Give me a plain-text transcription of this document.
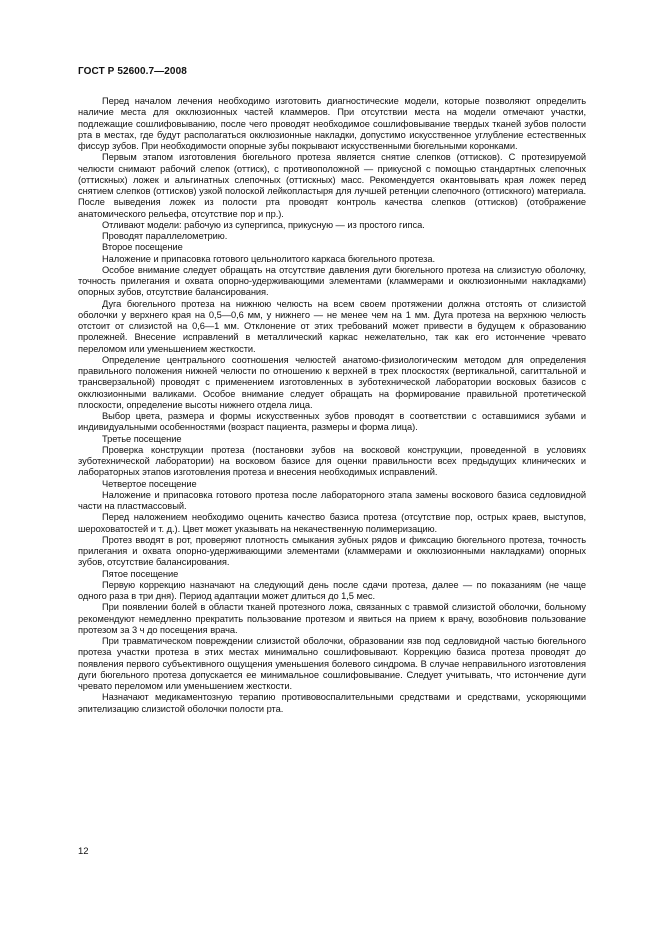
ГОСТ Р 52600.7—2008

Перед началом лечения необходимо изготовить диагностические модели, которые позволяют определить наличие места для окклюзионных частей кламмеров. При отсутствии места на модели отмечают участки, подлежащие сошлифовыванию, после чего проводят необходимое сошлифовывание твердых тканей зубов полости рта в местах, где будут располагаться окклюзионные накладки, допустимо искусственное углубление естественных фиссур зубов. При необходимости опорные зубы покрывают искусственными бюгельными коронками.

Первым этапом изготовления бюгельного протеза является снятие слепков (оттисков). С протезируемой челюсти снимают рабочий слепок (оттиск), с противоположной — прикусной с помощью стандартных слепочных (оттискных) ложек и альгинатных слепочных (оттискных) масс. Рекомендуется окантовывать края ложек перед снятием слепков (оттисков) узкой полоской лейкопластыря для лучшей ретенции слепочного (оттискного) материала. После выведения ложек из полости рта проводят контроль качества слепков (оттисков) (отображение анатомического рельефа, отсутствие пор и пр.).

Отливают модели: рабочую из супергипса, прикусную — из простого гипса.

Проводят параллелометрию.

Второе посещение

Наложение и припасовка готового цельнолитого каркаса бюгельного протеза.

Особое внимание следует обращать на отсутствие давления дуги бюгельного протеза на слизистую оболочку, точность прилегания и охвата опорно-удерживающими элементами (кламмерами и окклюзионными накладками) опорных зубов, отсутствие балансирования.

Дуга бюгельного протеза на нижнюю челюсть на всем своем протяжении должна отстоять от слизистой оболочки у верхнего края на 0,5—0,6 мм, у нижнего — не менее чем на 1 мм. Дуга протеза на верхнюю челюсть отстоит от слизистой на 0,6—1 мм. Отклонение от этих требований может привести в будущем к образованию пролежней. Внесение исправлений в металлический каркас нежелательно, так как его истончение чревато переломом или уменьшением жесткости.

Определение центрального соотношения челюстей анатомо-физиологическим методом для определения правильного положения нижней челюсти по отношению к верхней в трех плоскостях (вертикальной, сагиттальной и трансверзальной) проводят с применением изготовленных в зуботехнической лаборатории восковых базисов с окклюзионными валиками. Особое внимание следует обращать на формирование правильной протетической плоскости, определение высоты нижнего отдела лица.

Выбор цвета, размера и формы искусственных зубов проводят в соответствии с оставшимися зубами и индивидуальными особенностями (возраст пациента, размеры и форма лица).

Третье посещение

Проверка конструкции протеза (постановки зубов на восковой конструкции, проведенной в условиях зуботехнической лаборатории) на восковом базисе для оценки правильности всех предыдущих клинических и лабораторных этапов изготовления протеза и внесения необходимых исправлений.

Четвертое посещение

Наложение и припасовка готового протеза после лабораторного этапа замены воскового базиса седловидной части на пластмассовый.

Перед наложением необходимо оценить качество базиса протеза (отсутствие пор, острых краев, выступов, шероховатостей и т. д.). Цвет может указывать на некачественную полимеризацию.

Протез вводят в рот, проверяют плотность смыкания зубных рядов и фиксацию бюгельного протеза, точность прилегания и охвата опорно-удерживающими элементами (кламмерами и окклюзионными накладками) опорных зубов, отсутствие балансирования.

Пятое посещение

Первую коррекцию назначают на следующий день после сдачи протеза, далее — по показаниям (не чаще одного раза в три дня). Период адаптации может длиться до 1,5 мес.

При появлении болей в области тканей протезного ложа, связанных с травмой слизистой оболочки, больному рекомендуют немедленно прекратить пользование протезом и явиться на прием к врачу, возобновив пользование протезом за 3 ч до посещения врача.

При травматическом повреждении слизистой оболочки, образовании язв под седловидной частью бюгельного протеза участки протеза в этих местах минимально сошлифовывают. Коррекцию базиса протеза проводят до появления первого субъективного ощущения уменьшения болевого синдрома. В случае неправильного изготовления дуги бюгельного протеза допускается ее минимальное сошлифовывание. Следует учитывать, что истончение дуги чревато переломом или уменьшением жесткости.

Назначают медикаментозную терапию противовоспалительными средствами и средствами, ускоряющими эпителизацию слизистой оболочки полости рта.

12
